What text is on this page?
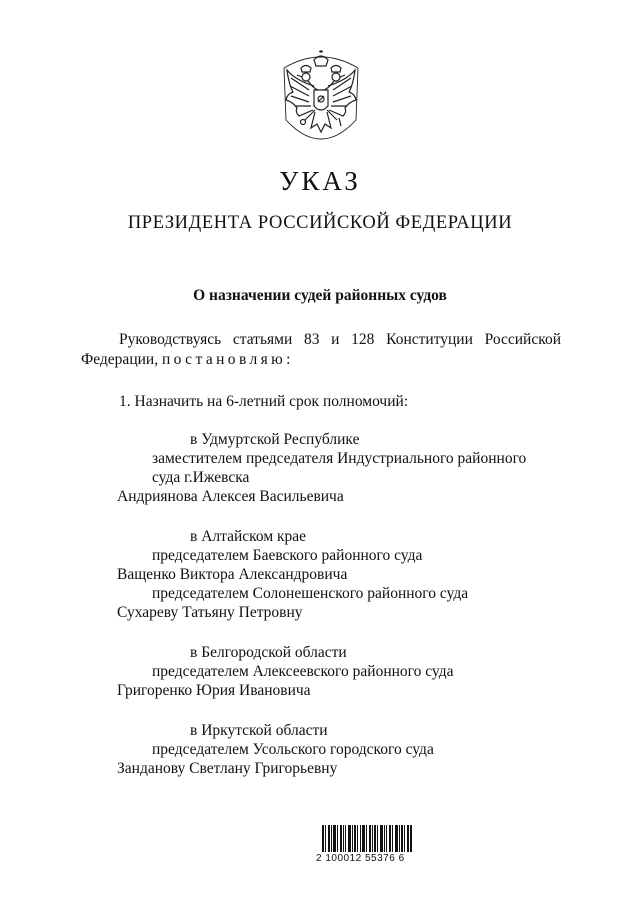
УКАЗ
ПРЕЗИДЕНТА РОССИЙСКОЙ ФЕДЕРАЦИИ
О назначении судей районных судов
Руководствуясь статьями 83 и 128 Конституции Российской
Федерации, постановляю:
1. Назначить на 6-летний срок полномочий:
в Удмуртской Республике
заместителем председателя Индустриального районного
суда г.Ижевска
Андриянова Алексея Васильевича
в Алтайском крае
председателем Баевского районного суда
Ващенко Виктора Александровича
председателем Солонешенского районного суда
Сухареву Татьяну Петровну
в Белгородской области
председателем Алексеевского районного суда
Григоренко Юрия Ивановича
в Иркутской области
председателем Усольского городского суда
Занданову Светлану Григорьевну
2 100012 55376 6
